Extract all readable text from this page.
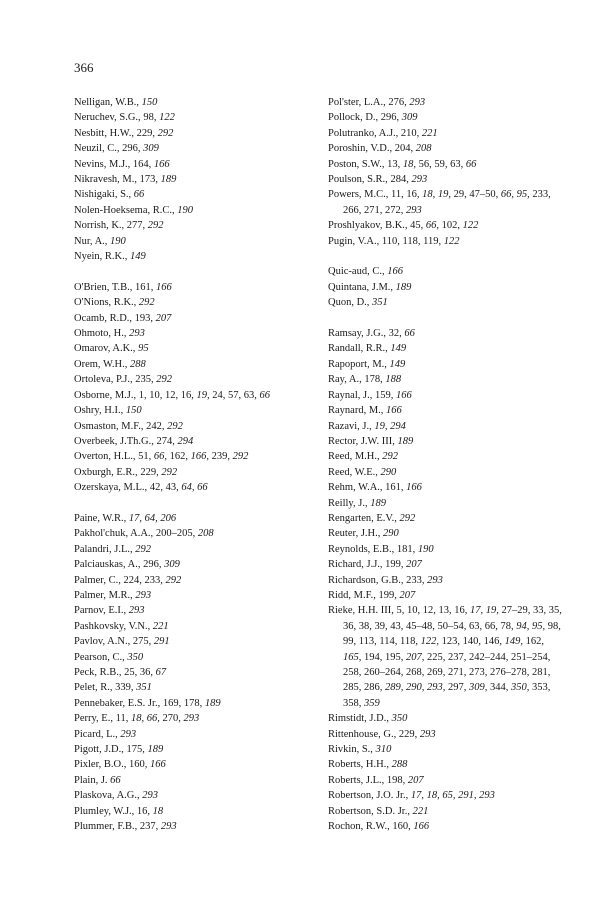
366
Nelligan, W.B., 150
Neruchev, S.G., 98, 122
Nesbitt, H.W., 229, 292
Neuzil, C., 296, 309
Nevins, M.J., 164, 166
Nikravesh, M., 173, 189
Nishigaki, S., 66
Nolen-Hoeksema, R.C., 190
Norrish, K., 277, 292
Nur, A., 190
Nyein, R.K., 149
O'Brien, T.B., 161, 166
O'Nions, R.K., 292
Ocamb, R.D., 193, 207
Ohmoto, H., 293
Omarov, A.K., 95
Orem, W.H., 288
Ortoleva, P.J., 235, 292
Osborne, M.J., 1, 10, 12, 16, 19, 24, 57, 63, 66
Oshry, H.I., 150
Osmaston, M.F., 242, 292
Overbeek, J.Th.G., 274, 294
Overton, H.L., 51, 66, 162, 166, 239, 292
Oxburgh, E.R., 229, 292
Ozerskaya, M.L., 42, 43, 64, 66
Paine, W.R., 17, 64, 206
Pakhol'chuk, A.A., 200–205, 208
Palandri, J.L., 292
Palciauskas, A., 296, 309
Palmer, C., 224, 233, 292
Palmer, M.R., 293
Parnov, E.I., 293
Pashkovsky, V.N., 221
Pavlov, A.N., 275, 291
Pearson, C., 350
Peck, R.B., 25, 36, 67
Pelet, R., 339, 351
Pennebaker, E.S. Jr., 169, 178, 189
Perry, E., 11, 18, 66, 270, 293
Picard, L., 293
Pigott, J.D., 175, 189
Pixler, B.O., 160, 166
Plain, J. 66
Plaskova, A.G., 293
Plumley, W.J., 16, 18
Plummer, F.B., 237, 293
Pol'ster, L.A., 276, 293
Pollock, D., 296, 309
Polutranko, A.J., 210, 221
Poroshin, V.D., 204, 208
Poston, S.W., 13, 18, 56, 59, 63, 66
Poulson, S.R., 284, 293
Powers, M.C., 11, 16, 18, 19, 29, 47–50, 66, 95, 233, 266, 271, 272, 293
Proshlyakov, B.K., 45, 66, 102, 122
Pugin, V.A., 110, 118, 119, 122
Quic-aud, C., 166
Quintana, J.M., 189
Quon, D., 351
Ramsay, J.G., 32, 66
Randall, R.R., 149
Rapoport, M., 149
Ray, A., 178, 188
Raynal, J., 159, 166
Raynard, M., 166
Razavi, J., 19, 294
Rector, J.W. III, 189
Reed, M.H., 292
Reed, W.E., 290
Rehm, W.A., 161, 166
Reilly, J., 189
Rengarten, E.V., 292
Reuter, J.H., 290
Reynolds, E.B., 181, 190
Richard, J.J., 199, 207
Richardson, G.B., 233, 293
Ridd, M.F., 199, 207
Rieke, H.H. III, 5, 10, 12, 13, 16, 17, 19, 27–29, 33, 35, 36, 38, 39, 43, 45–48, 50–54, 63, 66, 78, 94, 95, 98, 99, 113, 114, 118, 122, 123, 140, 146, 149, 162, 165, 194, 195, 207, 225, 237, 242–244, 251–254, 258, 260–264, 268, 269, 271, 273, 276–278, 281, 285, 286, 289, 290, 293, 297, 309, 344, 350, 353, 358, 359
Rimstidt, J.D., 350
Rittenhouse, G., 229, 293
Rivkin, S., 310
Roberts, H.H., 288
Roberts, J.L., 198, 207
Robertson, J.O. Jr., 17, 18, 65, 291, 293
Robertson, S.D. Jr., 221
Rochon, R.W., 160, 166
